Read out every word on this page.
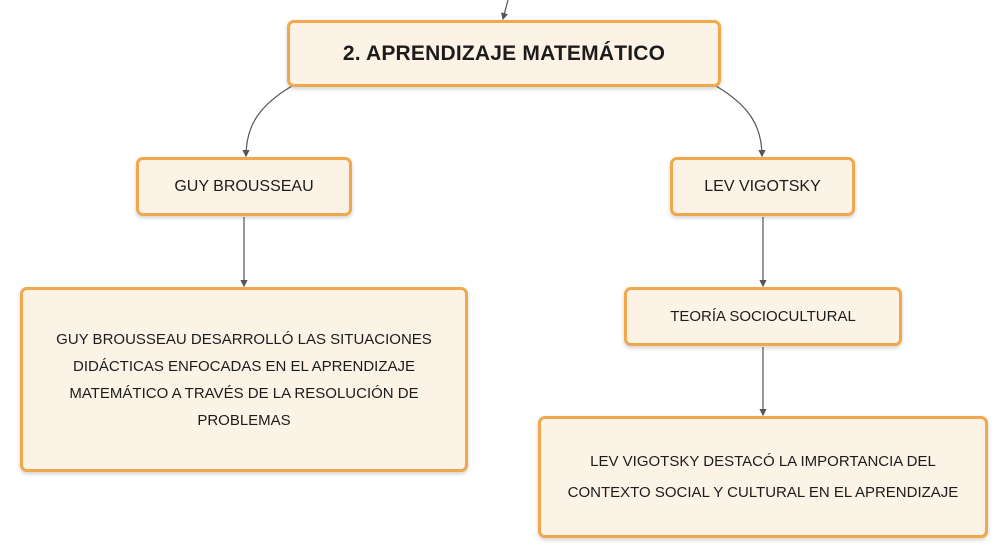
2. APRENDIZAJE MATEMÁTICO
GUY BROUSSEAU	LEV VIGOTSKY
GUY BROUSSEAU DESARROLLÓ LAS SITUACIONES DIDÁCTICAS ENFOCADAS EN EL APRENDIZAJE MATEMÁTICO A TRAVÉS DE LA RESOLUCIÓN DE PROBLEMAS
TEORÍA SOCIOCULTURAL
LEV VIGOTSKY DESTACÓ LA IMPORTANCIA DEL CONTEXTO SOCIAL Y CULTURAL EN EL APRENDIZAJE
